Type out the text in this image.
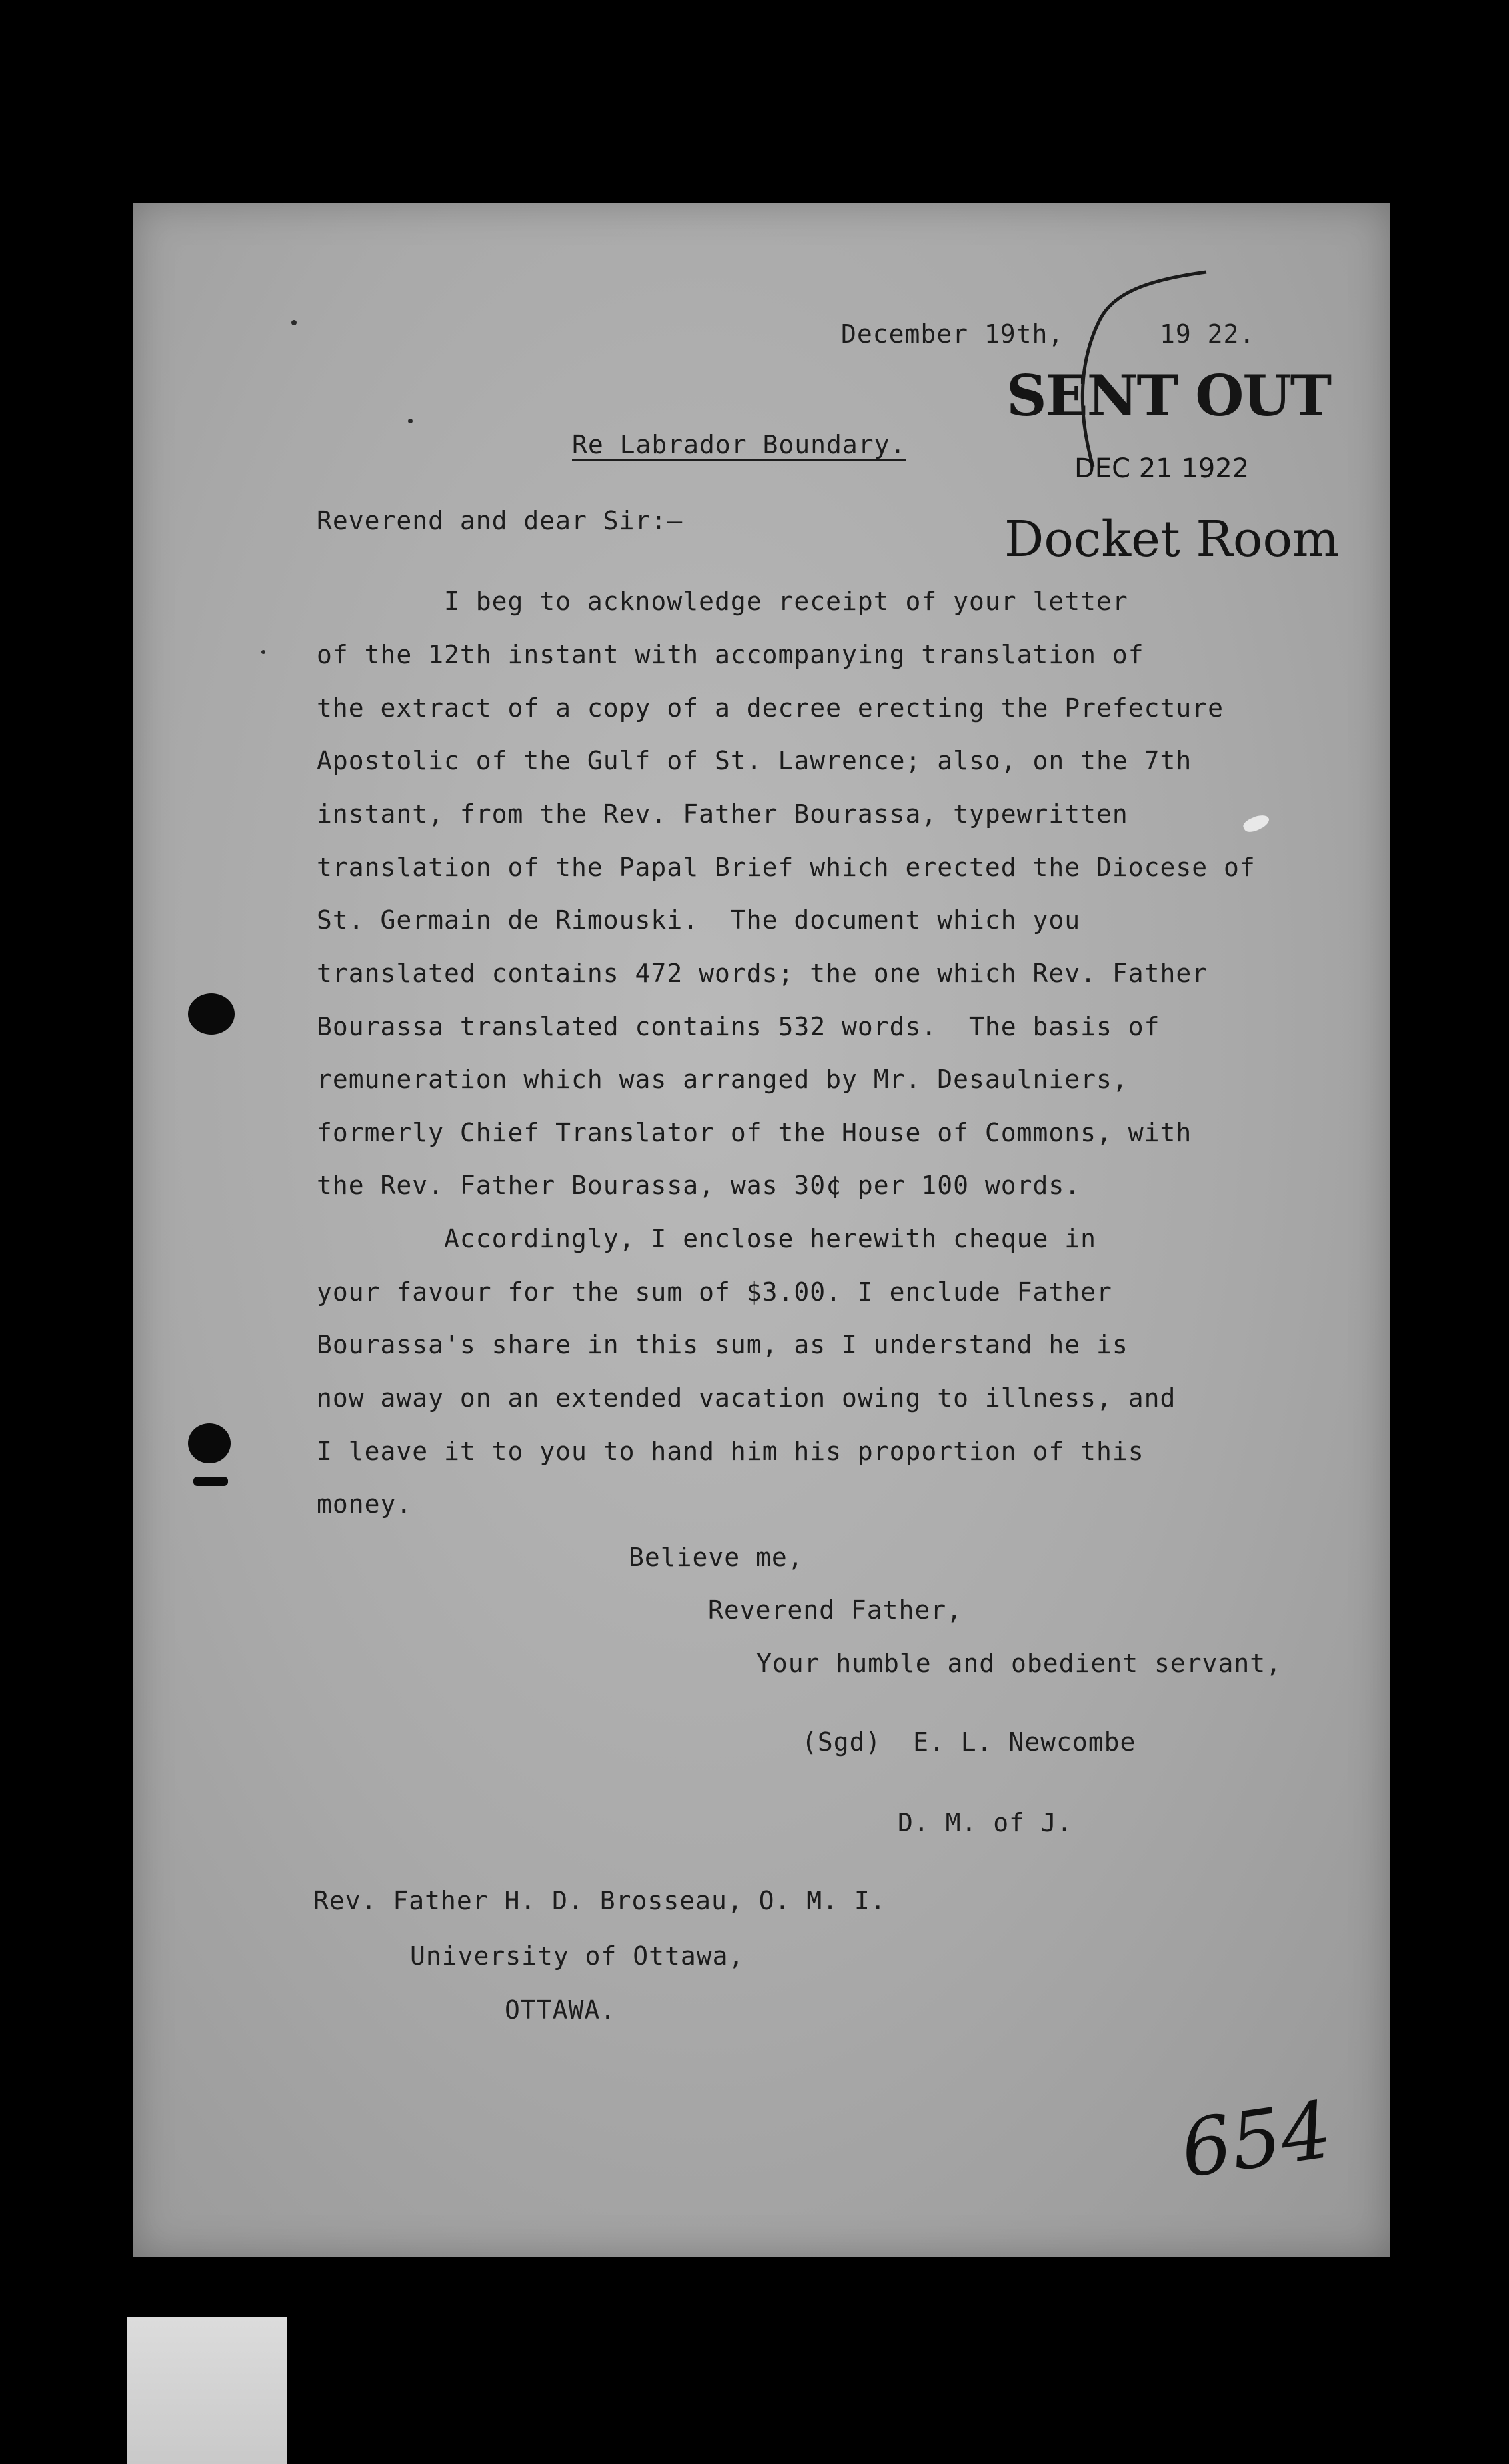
December 19th,	19 22.
SENT OUT
DEC 21 1922
Docket Room
Re Labrador Boundary.
Reverend and dear Sir:—
I beg to acknowledge receipt of your letter
of the 12th instant with accompanying translation of
the extract of a copy of a decree erecting the Prefecture
Apostolic of the Gulf of St. Lawrence; also, on the 7th
instant, from the Rev. Father Bourassa, typewritten
translation of the Papal Brief which erected the Diocese of
St. Germain de Rimouski.  The document which you
translated contains 472 words; the one which Rev. Father
Bourassa translated contains 532 words.  The basis of
remuneration which was arranged by Mr. Desaulniers,
formerly Chief Translator of the House of Commons, with
the Rev. Father Bourassa, was 30¢ per 100 words.
Accordingly, I enclose herewith cheque in
your favour for the sum of $3.00. I enclude Father
Bourassa's share in this sum, as I understand he is
now away on an extended vacation owing to illness, and
I leave it to you to hand him his proportion of this
money.
Believe me,
Reverend Father,
Your humble and obedient servant,
(Sgd)  E. L. Newcombe
D. M. of J.
Rev. Father H. D. Brosseau, O. M. I.
University of Ottawa,
OTTAWA.
654
